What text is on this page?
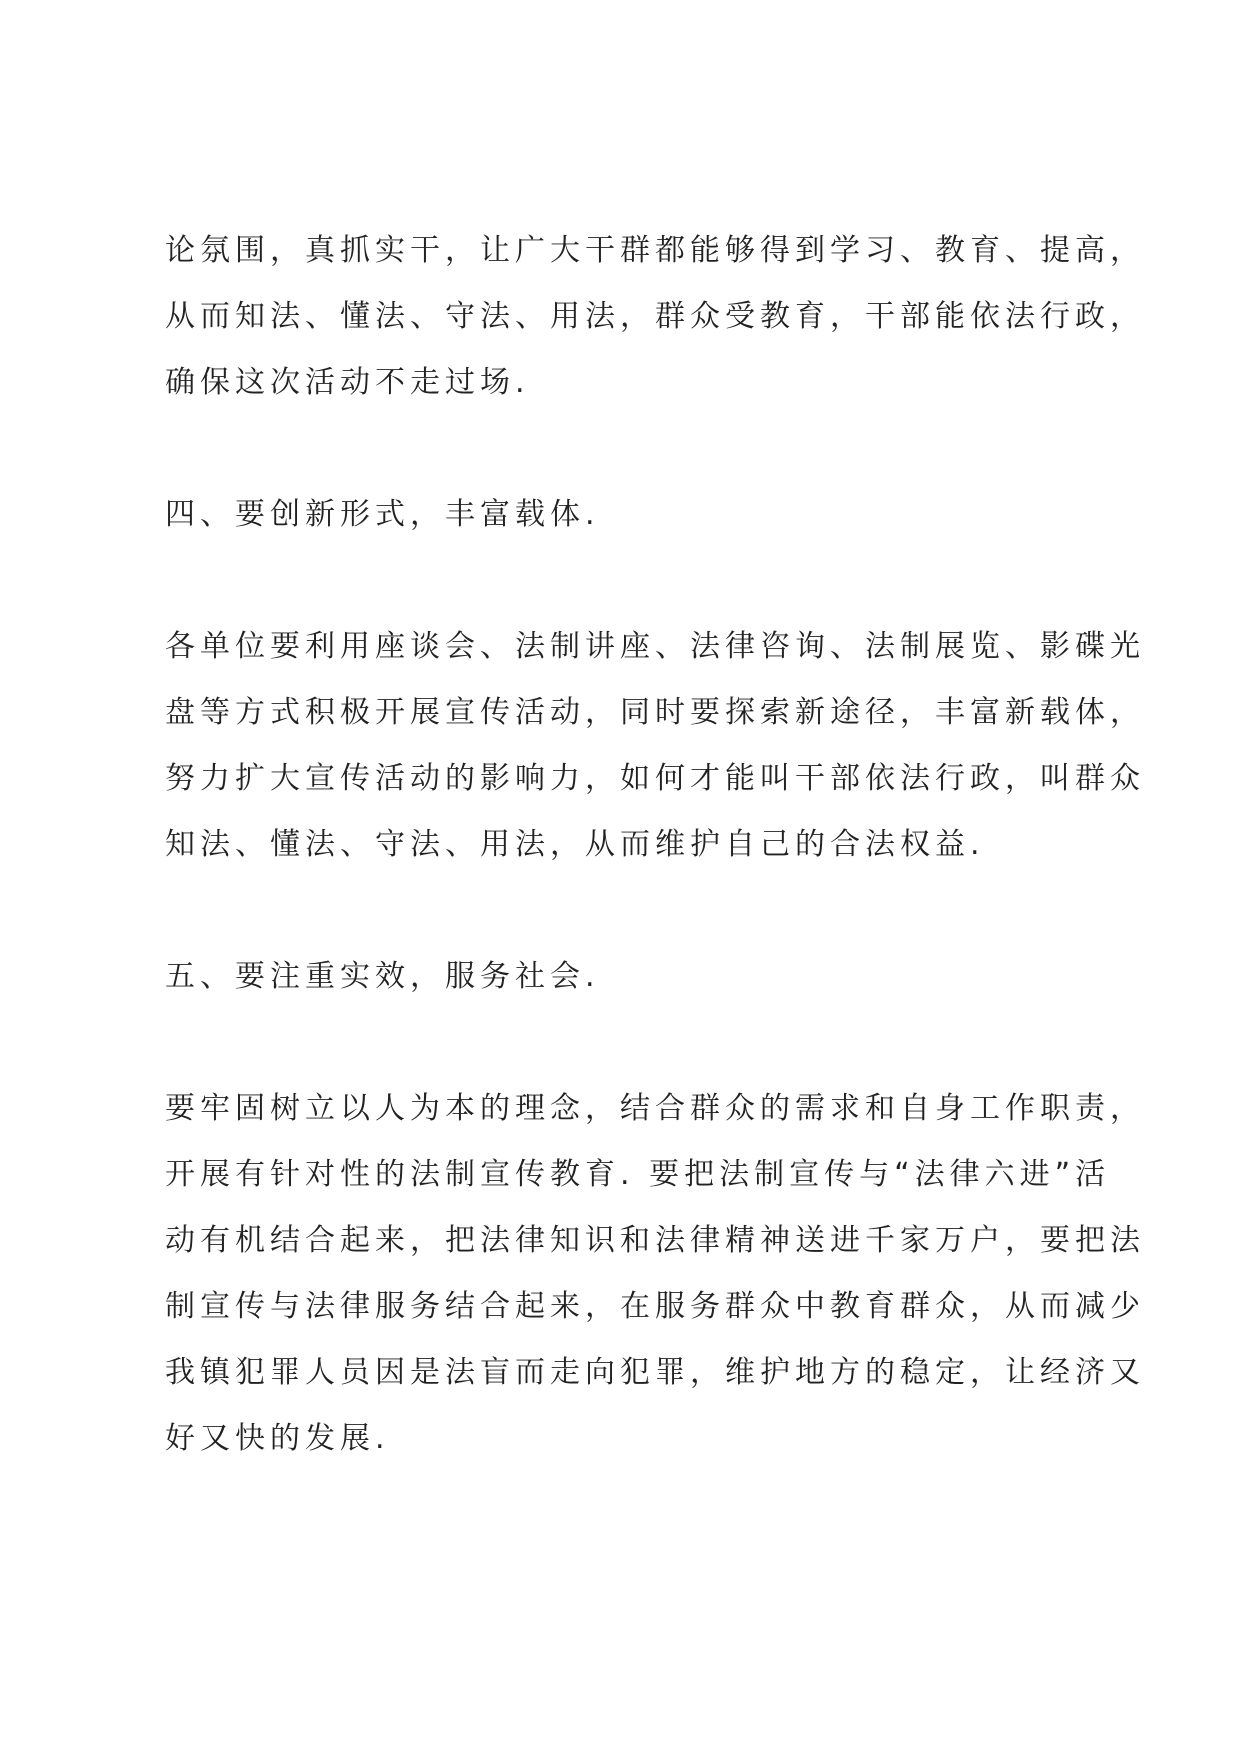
论氛围，真抓实干，让广大干群都能够得到学习、教育、提高，
从而知法、懂法、守法、用法，群众受教育，干部能依法行政，
确保这次活动不走过场.

四、要创新形式，丰富载体.

各单位要利用座谈会、法制讲座、法律咨询、法制展览、影碟光
盘等方式积极开展宣传活动，同时要探索新途径，丰富新载体，
努力扩大宣传活动的影响力，如何才能叫干部依法行政，叫群众
知法、懂法、守法、用法，从而维护自己的合法权益.

五、要注重实效，服务社会.

要牢固树立以人为本的理念，结合群众的需求和自身工作职责，
开展有针对性的法制宣传教育. 要把法制宣传与“法律六进”活
动有机结合起来，把法律知识和法律精神送进千家万户，要把法
制宣传与法律服务结合起来，在服务群众中教育群众，从而减少
我镇犯罪人员因是法盲而走向犯罪，维护地方的稳定，让经济又
好又快的发展.
